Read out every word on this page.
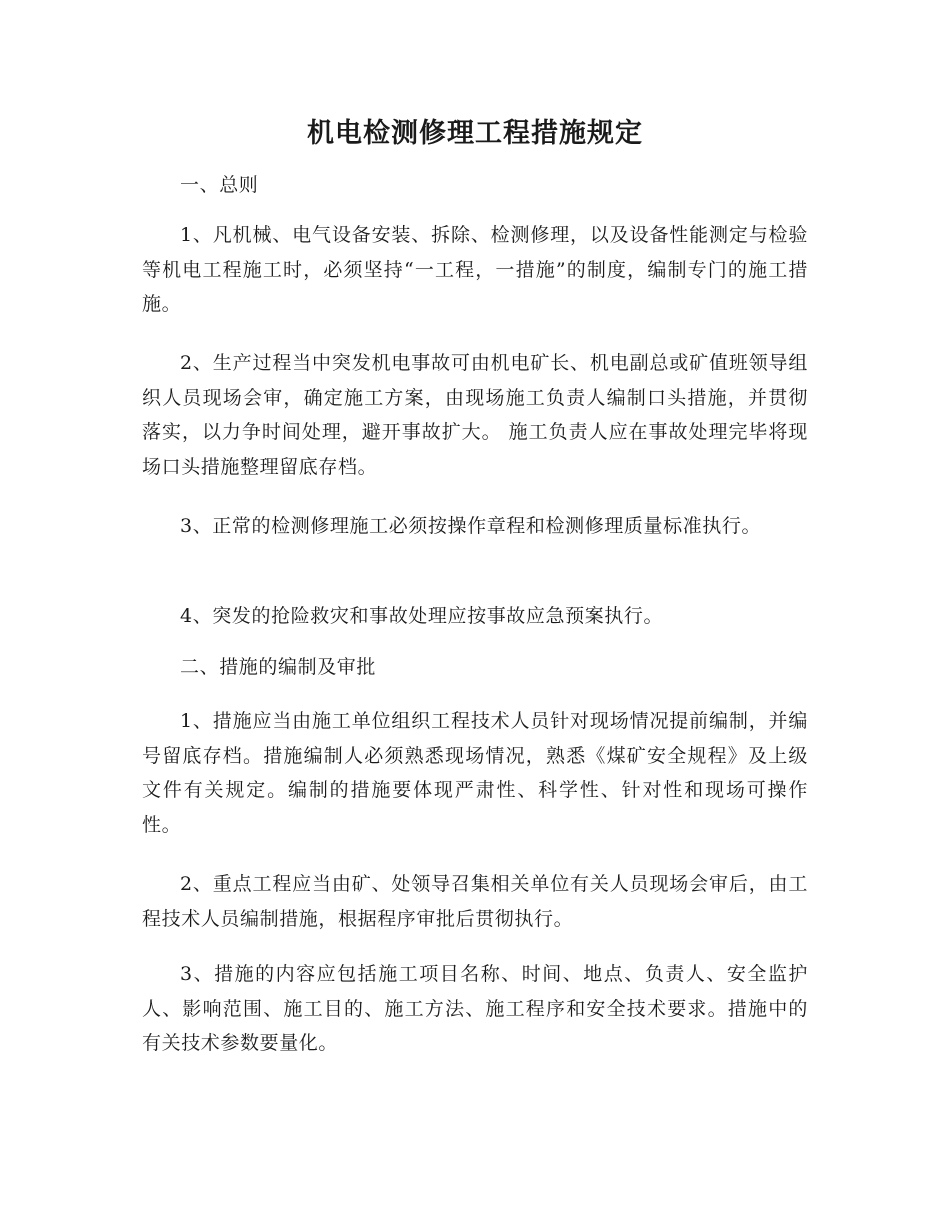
机电检测修理工程措施规定

一、总则

1、凡机械、电气设备安装、拆除、检测修理，以及设备性能测定与检验等机电工程施工时，必须坚持“一工程，一措施”的制度，编制专门的施工措施。

2、生产过程当中突发机电事故可由机电矿长、机电副总或矿值班领导组织人员现场会审，确定施工方案，由现场施工负责人编制口头措施，并贯彻落实，以力争时间处理，避开事故扩大。 施工负责人应在事故处理完毕将现场口头措施整理留底存档。

3、正常的检测修理施工必须按操作章程和检测修理质量标准执行。

4、突发的抢险救灾和事故处理应按事故应急预案执行。

二、措施的编制及审批

1、措施应当由施工单位组织工程技术人员针对现场情况提前编制，并编号留底存档。措施编制人必须熟悉现场情况，熟悉《煤矿安全规程》及上级文件有关规定。编制的措施要体现严肃性、科学性、针对性和现场可操作性。

2、重点工程应当由矿、处领导召集相关单位有关人员现场会审后，由工程技术人员编制措施，根据程序审批后贯彻执行。

3、措施的内容应包括施工项目名称、时间、地点、负责人、安全监护人、影响范围、施工目的、施工方法、施工程序和安全技术要求。措施中的有关技术参数要量化。
